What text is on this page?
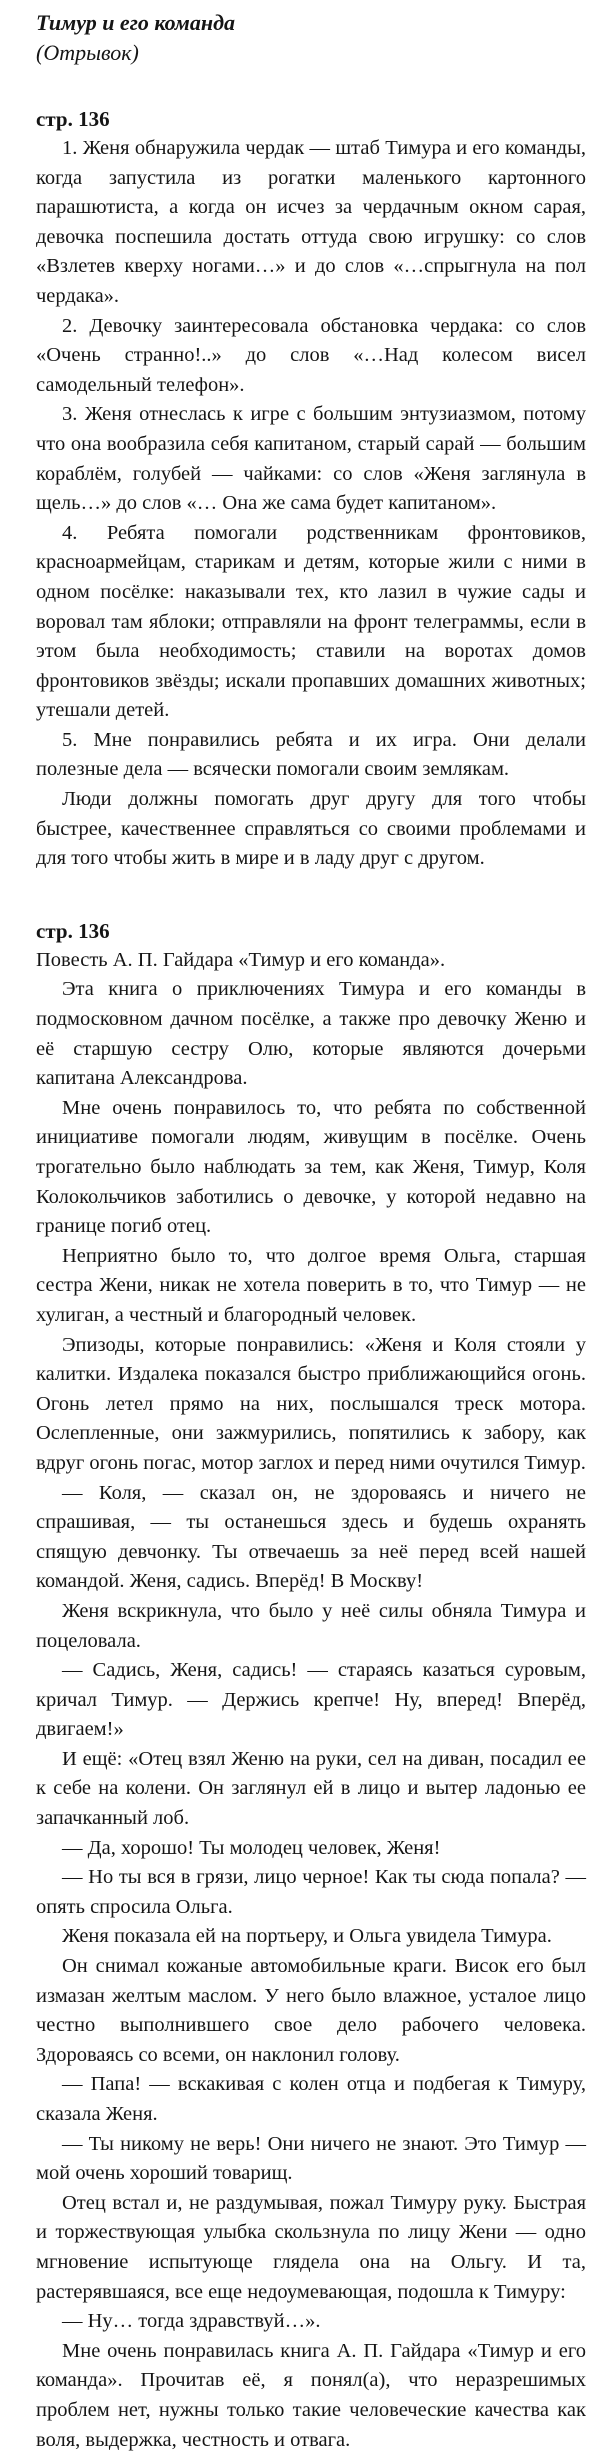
Тимур и его команда
(Отрывок)
стр. 136

1. Женя обнаружила чердак — штаб Тимура и его команды, когда запустила из рогатки маленького картонного парашютиста, а когда он исчез за чердачным окном сарая, девочка поспешила достать оттуда свою игрушку: со слов «Взлетев кверху ногами…» и до слов «…спрыгнула на пол чердака».

2. Девочку заинтересовала обстановка чердака: со слов «Очень странно!..» до слов «…Над колесом висел самодельный телефон».

3. Женя отнеслась к игре с большим энтузиазмом, потому что она вообразила себя капитаном, старый сарай — большим кораблём, голубей — чайками: со слов «Женя заглянула в щель…» до слов «… Она же сама будет капитаном».

4. Ребята помогали родственникам фронтовиков, красноармейцам, старикам и детям, которые жили с ними в одном посёлке: наказывали тех, кто лазил в чужие сады и воровал там яблоки; отправляли на фронт телеграммы, если в этом была необходимость; ставили на воротах домов фронтовиков звёзды; искали пропавших домашних животных; утешали детей.

5. Мне понравились ребята и их игра. Они делали полезные дела — всячески помогали своим землякам.

Люди должны помогать друг другу для того чтобы быстрее, качественнее справляться со своими проблемами и для того чтобы жить в мире и в ладу друг с другом.

стр. 136

Повесть А. П. Гайдара «Тимур и его команда».

Эта книга о приключениях Тимура и его команды в подмосковном дачном посёлке, а также про девочку Женю и её старшую сестру Олю, которые являются дочерьми капитана Александрова.

Мне очень понравилось то, что ребята по собственной инициативе помогали людям, живущим в посёлке. Очень трогательно было наблюдать за тем, как Женя, Тимур, Коля Колокольчиков заботились о девочке, у которой недавно на границе погиб отец.

Неприятно было то, что долгое время Ольга, старшая сестра Жени, никак не хотела поверить в то, что Тимур — не хулиган, а честный и благородный человек.

Эпизоды, которые понравились: «Женя и Коля стояли у калитки. Издалека показался быстро приближающийся огонь. Огонь летел прямо на них, послышался треск мотора. Ослепленные, они зажмурились, попятились к забору, как вдруг огонь погас, мотор заглох и перед ними очутился Тимур.

— Коля, — сказал он, не здороваясь и ничего не спрашивая, — ты останешься здесь и будешь охранять спящую девчонку. Ты отвечаешь за неё перед всей нашей командой. Женя, садись. Вперёд! В Москву!

Женя вскрикнула, что было у неё силы обняла Тимура и поцеловала.

— Садись, Женя, садись! — стараясь казаться суровым, кричал Тимур. — Держись крепче! Ну, вперед! Вперёд, двигаем!»

И ещё: «Отец взял Женю на руки, сел на диван, посадил ее к себе на колени. Он заглянул ей в лицо и вытер ладонью ее запачканный лоб.

— Да, хорошо! Ты молодец человек, Женя!

— Но ты вся в грязи, лицо черное! Как ты сюда попала? — опять спросила Ольга.

Женя показала ей на портьеру, и Ольга увидела Тимура.

Он снимал кожаные автомобильные краги. Висок его был измазан желтым маслом. У него было влажное, усталое лицо честно выполнившего свое дело рабочего человека. Здороваясь со всеми, он наклонил голову.

— Папа! — вскакивая с колен отца и подбегая к Тимуру, сказала Женя.

— Ты никому не верь! Они ничего не знают. Это Тимур — мой очень хороший товарищ.

Отец встал и, не раздумывая, пожал Тимуру руку. Быстрая и торжествующая улыбка скользнула по лицу Жени — одно мгновение испытующе глядела она на Ольгу. И та, растерявшаяся, все еще недоумевающая, подошла к Тимуру:

— Ну… тогда здравствуй…».

Мне очень понравилась книга А. П. Гайдара «Тимур и его команда». Прочитав её, я понял(а), что неразрешимых проблем нет, нужны только такие человеческие качества как воля, выдержка, честность и отвага.
